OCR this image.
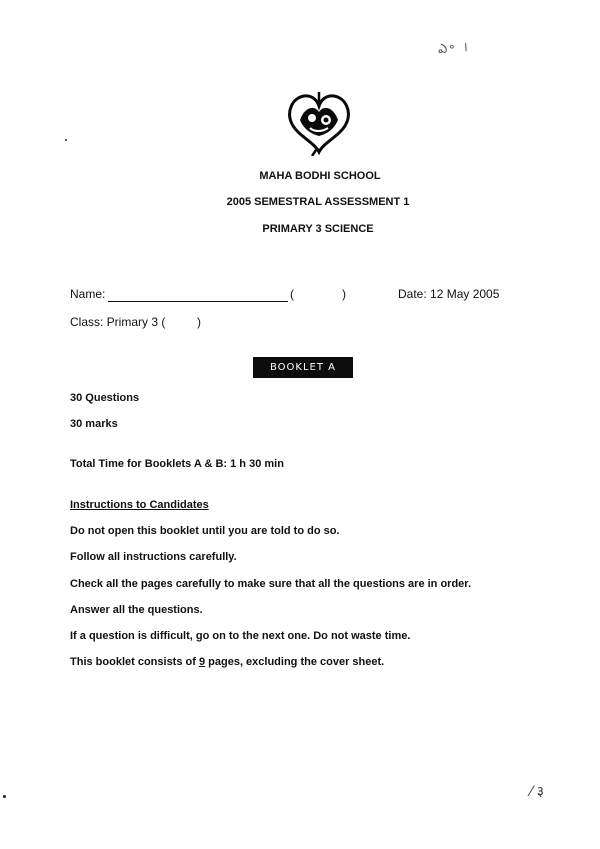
ఎ॰ ।
MAHA BODHI SCHOOL
2005 SEMESTRAL ASSESSMENT 1
PRIMARY 3 SCIENCE
Name:	(	)	Date: 12 May 2005
Class: Primary 3 (	)
BOOKLET A
30 Questions
30 marks
Total Time for Booklets A & B: 1 h 30 min
Instructions to Candidates
Do not open this booklet until you are told to do so.
Follow all instructions carefully.
Check all the pages carefully to make sure that all the questions are in order.
Answer all the questions.
If a question is difficult, go on to the next one. Do not waste time.
This booklet consists of 9 pages, excluding the cover sheet.
⁄ ३
